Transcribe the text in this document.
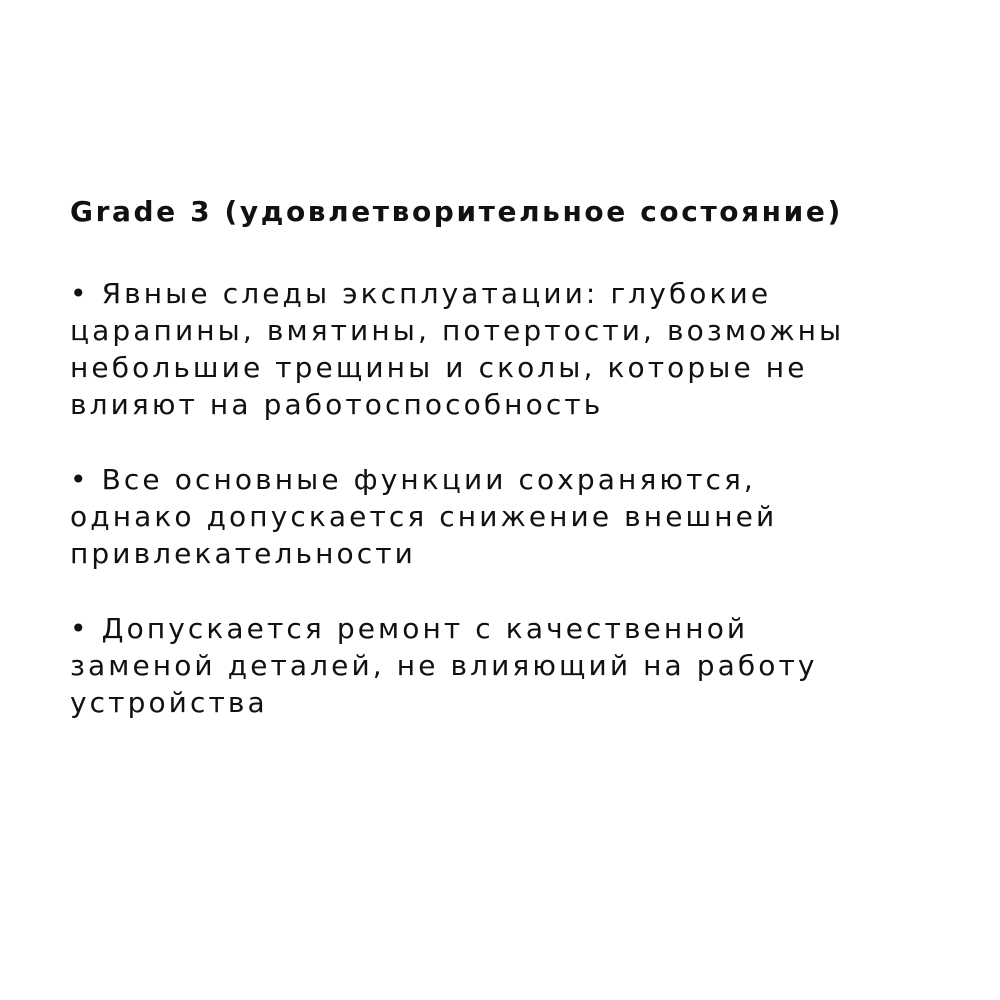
Grade 3 (удовлетворительное состояние)
• Явные следы эксплуатации: глубокие
царапины, вмятины, потертости, возможны
небольшие трещины и сколы, которые не
влияют на работоспособность
• Все основные функции сохраняются,
однако допускается снижение внешней
привлекательности
• Допускается ремонт с качественной
заменой деталей, не влияющий на работу
устройства
